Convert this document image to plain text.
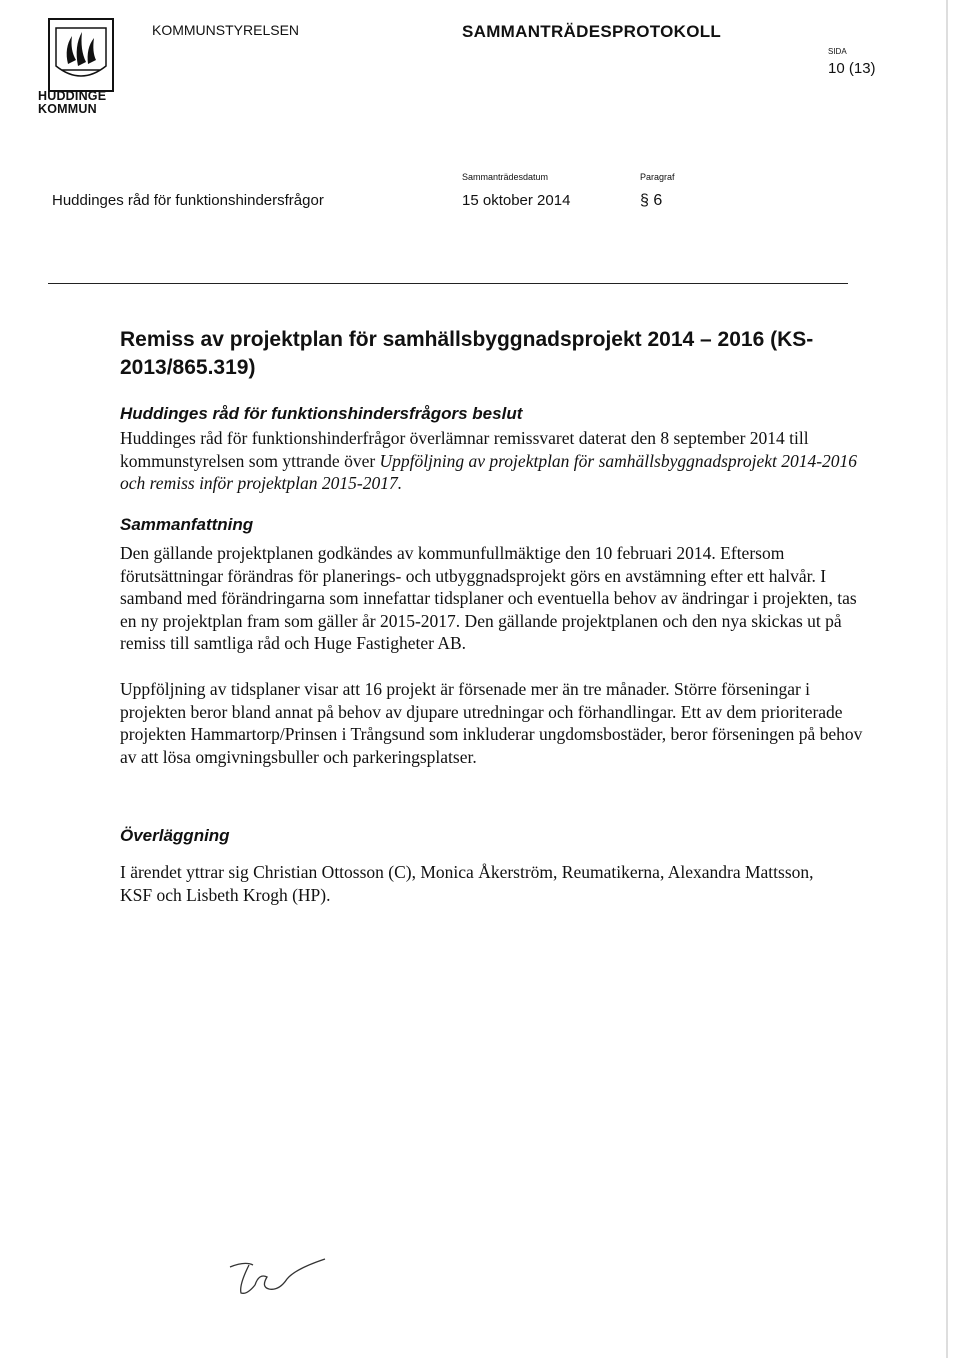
HUDDINGE
KOMMUN
KOMMUNSTYRELSEN	SAMMANTRÄDESPROTOKOLL
SIDA
10 (13)
Huddinges råd för funktionshindersfrågor
Sammanträdesdatum
15 oktober 2014
Paragraf
§ 6
Remiss av projektplan för samhällsbyggnadsprojekt 2014 – 2016 (KS-2013/865.319)
Huddinges råd för funktionshindersfrågors beslut
Huddinges råd för funktionshinderfrågor överlämnar remissvaret daterat den 8 september 2014 till kommunstyrelsen som yttrande över Uppföljning av projektplan för samhällsbyggnadsprojekt 2014-2016 och remiss inför projektplan 2015-2017.
Sammanfattning
Den gällande projektplanen godkändes av kommunfullmäktige den 10 februari 2014. Eftersom förutsättningar förändras för planerings- och utbyggnadsprojekt görs en avstämning efter ett halvår. I samband med förändringarna som innefattar tidsplaner och eventuella behov av ändringar i projekten, tas en ny projektplan fram som gäller år 2015-2017. Den gällande projektplanen och den nya skickas ut på remiss till samtliga råd och Huge Fastigheter AB.
Uppföljning av tidsplaner visar att 16 projekt är försenade mer än tre månader. Större förseningar i projekten beror bland annat på behov av djupare utredningar och förhandlingar. Ett av dem prioriterade projekten Hammartorp/Prinsen i Trångsund som inkluderar ungdomsbostäder, beror förseningen på behov av att lösa omgivningsbuller och parkeringsplatser.
Överläggning
I ärendet yttrar sig Christian Ottosson (C), Monica Åkerström, Reumatikerna, Alexandra Mattsson, KSF och Lisbeth Krogh (HP).
